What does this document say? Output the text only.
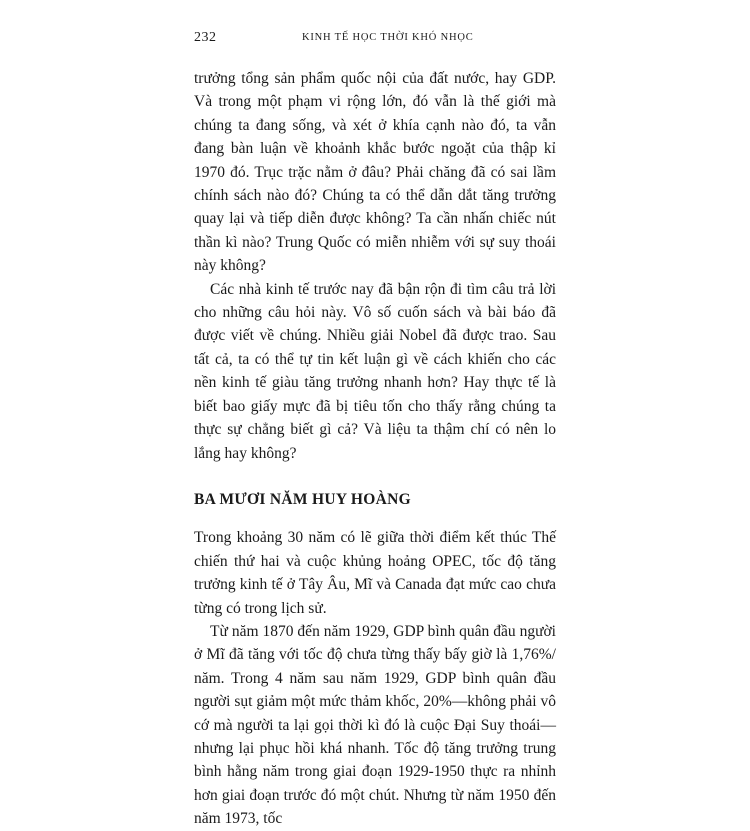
232	KINH TẾ HỌC THỜI KHÓ NHỌC

trưởng tổng sản phẩm quốc nội của đất nước, hay GDP. Và trong một phạm vi rộng lớn, đó vẫn là thế giới mà chúng ta đang sống, và xét ở khía cạnh nào đó, ta vẫn đang bàn luận về khoảnh khắc bước ngoặt của thập kỉ 1970 đó. Trục trặc nằm ở đâu? Phải chăng đã có sai lầm chính sách nào đó? Chúng ta có thể dẫn dắt tăng trưởng quay lại và tiếp diễn được không? Ta cần nhấn chiếc nút thần kì nào? Trung Quốc có miễn nhiễm với sự suy thoái này không?

Các nhà kinh tế trước nay đã bận rộn đi tìm câu trả lời cho những câu hỏi này. Vô số cuốn sách và bài báo đã được viết về chúng. Nhiều giải Nobel đã được trao. Sau tất cả, ta có thể tự tin kết luận gì về cách khiến cho các nền kinh tế giàu tăng trưởng nhanh hơn? Hay thực tế là biết bao giấy mực đã bị tiêu tốn cho thấy rằng chúng ta thực sự chẳng biết gì cả? Và liệu ta thậm chí có nên lo lắng hay không?

BA MƯƠI NĂM HUY HOÀNG

Trong khoảng 30 năm có lẽ giữa thời điểm kết thúc Thế chiến thứ hai và cuộc khủng hoảng OPEC, tốc độ tăng trưởng kinh tế ở Tây Âu, Mĩ và Canada đạt mức cao chưa từng có trong lịch sử.

Từ năm 1870 đến năm 1929, GDP bình quân đầu người ở Mĩ đã tăng với tốc độ chưa từng thấy bấy giờ là 1,76%/ năm. Trong 4 năm sau năm 1929, GDP bình quân đầu người sụt giảm một mức thảm khốc, 20%—không phải vô cớ mà người ta lại gọi thời kì đó là cuộc Đại Suy thoái—nhưng lại phục hồi khá nhanh. Tốc độ tăng trưởng trung bình hằng năm trong giai đoạn 1929-1950 thực ra nhỉnh hơn giai đoạn trước đó một chút. Nhưng từ năm 1950 đến năm 1973, tốc
